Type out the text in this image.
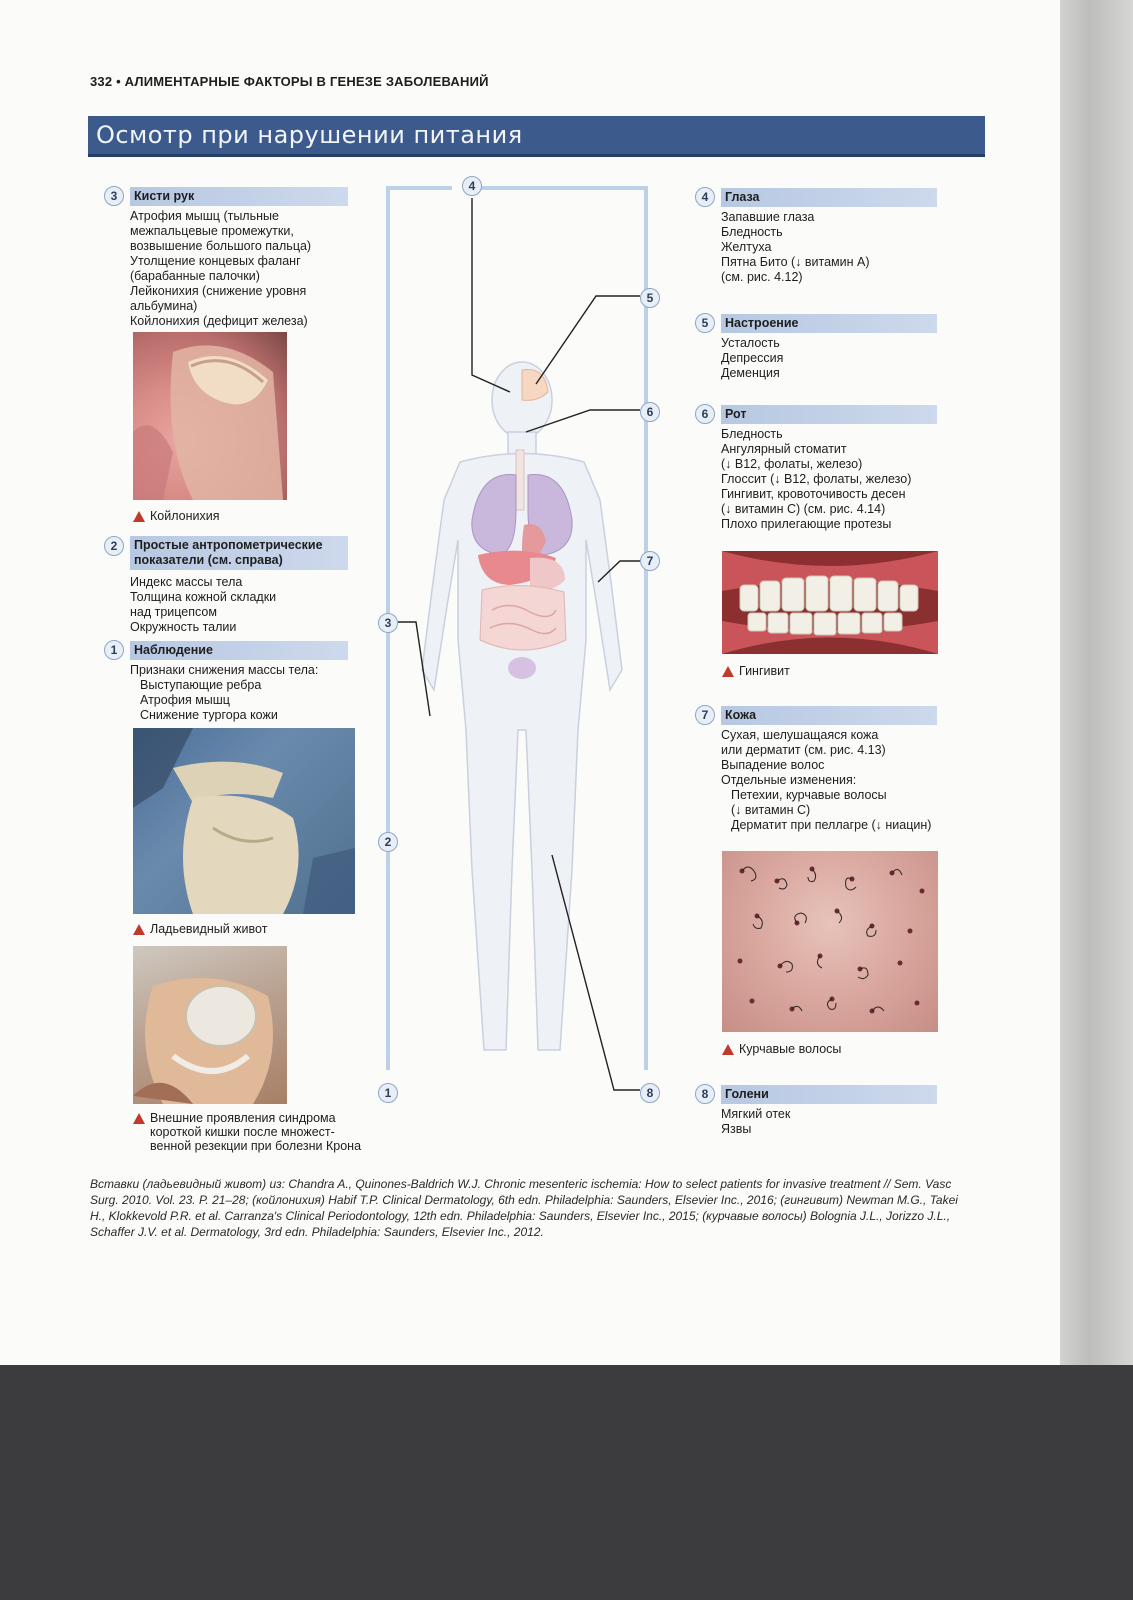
332 • АЛИМЕНТАРНЫЕ ФАКТОРЫ В ГЕНЕЗЕ ЗАБОЛЕВАНИЙ
Осмотр при нарушении питания
3	Кисти рук
Атрофия мышц (тыльные
межпальцевые промежутки,
возвышение большого пальца)
Утолщение концевых фаланг
(барабанные палочки)
Лейконихия (снижение уровня
альбумина)
Койлонихия (дефицит железа)
Койлонихия
2	Простые антропометрические
показатели (см. справа)
Индекс массы тела
Толщина кожной складки
над трицепсом
Окружность талии
1	Наблюдение
Признаки снижения массы тела:
Выступающие ребра
Атрофия мышц
Снижение тургора кожи
Ладьевидный живот
Внешние проявления синдрома
короткой кишки после множест-
венной резекции при болезни Крона
4
5
6
7
3
2
1	8
4	Глаза
Запавшие глаза
Бледность
Желтуха
Пятна Бито (↓ витамин А)
(см. рис. 4.12)
5	Настроение
Усталость
Депрессия
Деменция
6	Рот
Бледность
Ангулярный стоматит
(↓ B12, фолаты, железо)
Глоссит (↓ B12, фолаты, железо)
Гингивит, кровоточивость десен
(↓ витамин С) (см. рис. 4.14)
Плохо прилегающие протезы
Гингивит
7	Кожа
Сухая, шелушащаяся кожа
или дерматит (см. рис. 4.13)
Выпадение волос
Отдельные изменения:
Петехии, курчавые волосы
(↓ витамин С)
Дерматит при пеллагре (↓ ниацин)
Курчавые волосы
8	Голени
Мягкий отек
Язвы
Вставки (ладьевидный живот) из: Chandra A., Quinones-Baldrich W.J. Chronic mesenteric ischemia: How to select patients for invasive treatment // Sem. Vasc Surg. 2010. Vol. 23. P. 21–28; (койлонихия) Habif T.P. Clinical Dermatology, 6th edn. Philadelphia: Saunders, Elsevier Inc., 2016; (гингивит) Newman M.G., Takei H., Klokkevold P.R. et al. Carranza's Clinical Periodontology, 12th edn. Philadelphia: Saunders, Elsevier Inc., 2015; (курчавые волосы) Bolognia J.L., Jorizzo J.L., Schaffer J.V. et al. Dermatology, 3rd edn. Philadelphia: Saunders, Elsevier Inc., 2012.
